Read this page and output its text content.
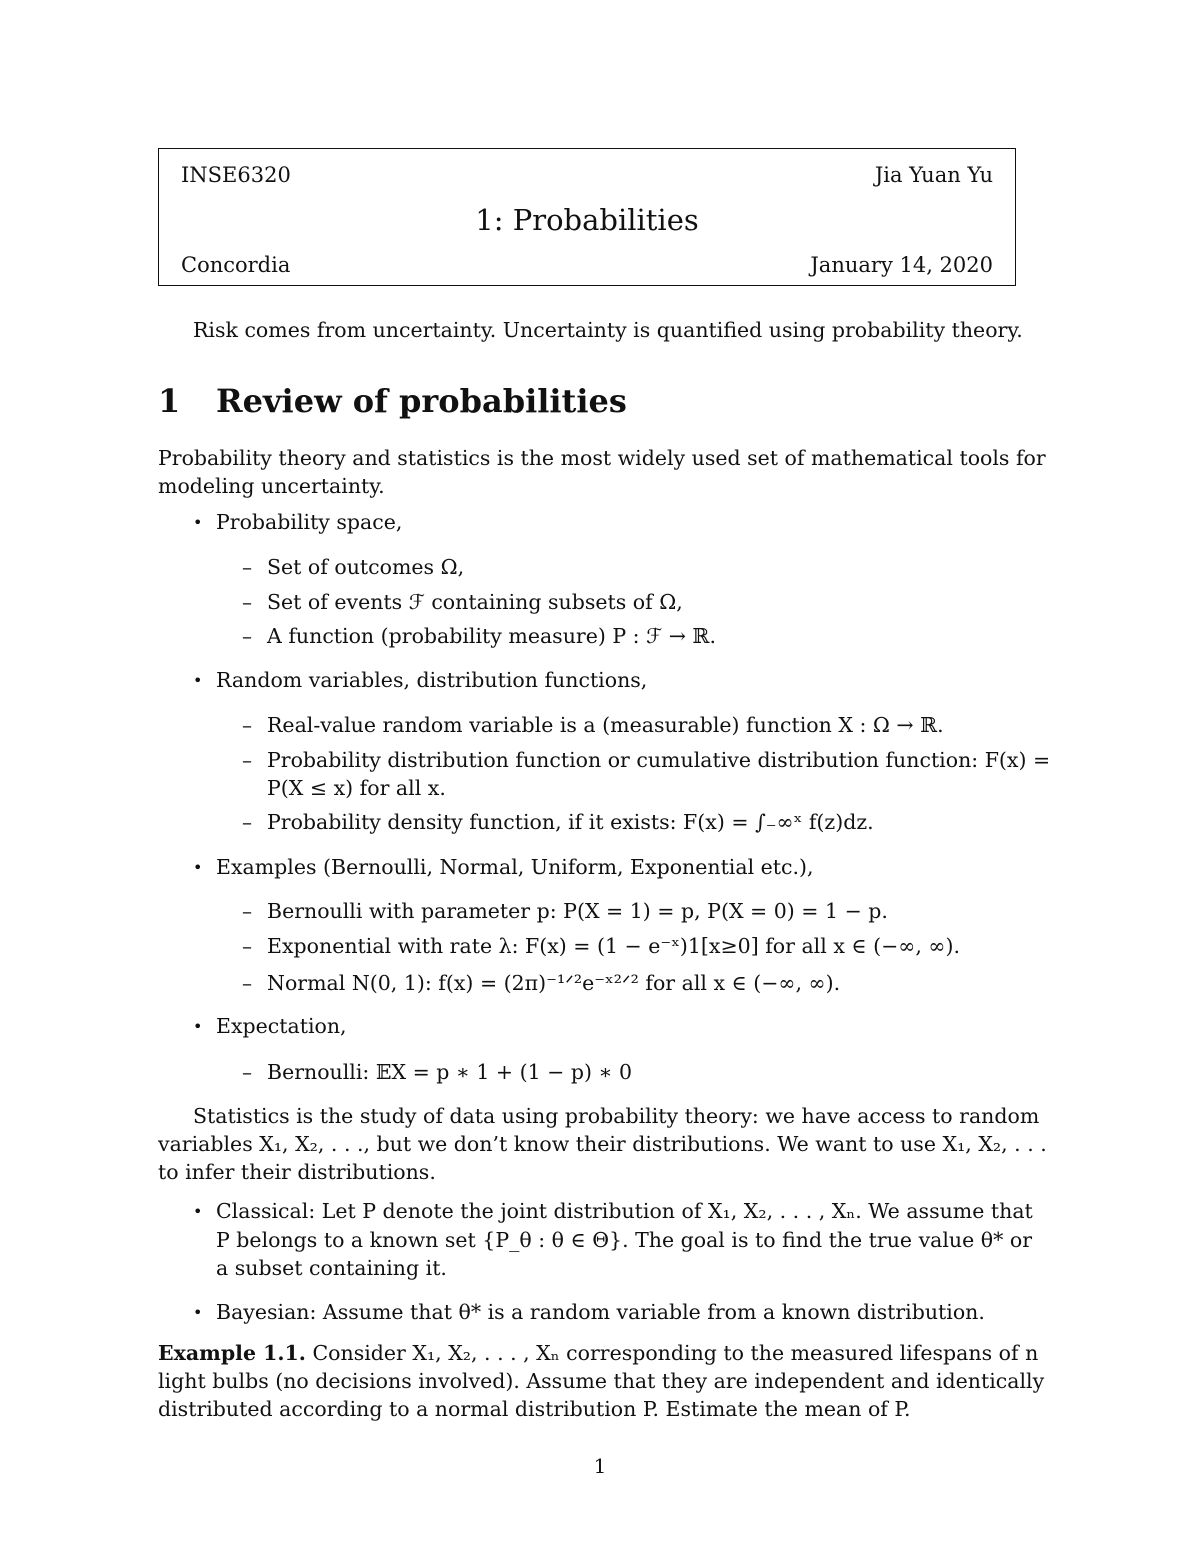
INSE6320	Jia Yuan Yu
1: Probabilities
Concordia	January 14, 2020
Risk comes from uncertainty. Uncertainty is quantified using probability theory.
1 Review of probabilities
Probability theory and statistics is the most widely used set of mathematical tools for
modeling uncertainty.
• Probability space,
– Set of outcomes Ω,
– Set of events ℱ containing subsets of Ω,
– A function (probability measure) P : ℱ → ℝ.
• Random variables, distribution functions,
– Real-value random variable is a (measurable) function X : Ω → ℝ.
– Probability distribution function or cumulative distribution function: F(x) =
P(X ≤ x) for all x.
– Probability density function, if it exists: F(x) = ∫₋∞ˣ f(z)dz.
• Examples (Bernoulli, Normal, Uniform, Exponential etc.),
– Bernoulli with parameter p: P(X = 1) = p, P(X = 0) = 1 − p.
– Exponential with rate λ: F(x) = (1 − e⁻ˣ)1[x≥0] for all x ∈ (−∞, ∞).
– Normal N(0, 1): f(x) = (2π)⁻¹ᐟ²e⁻ˣ²ᐟ² for all x ∈ (−∞, ∞).
• Expectation,
– Bernoulli: 𝔼X = p ∗ 1 + (1 − p) ∗ 0
Statistics is the study of data using probability theory: we have access to random
variables X₁, X₂, . . ., but we don’t know their distributions. We want to use X₁, X₂, . . .
to infer their distributions.
• Classical: Let P denote the joint distribution of X₁, X₂, . . . , Xₙ. We assume that
P belongs to a known set {P_θ : θ ∈ Θ}. The goal is to find the true value θ* or
a subset containing it.
• Bayesian: Assume that θ* is a random variable from a known distribution.
Example 1.1. Consider X₁, X₂, . . . , Xₙ corresponding to the measured lifespans of n
light bulbs (no decisions involved). Assume that they are independent and identically
distributed according to a normal distribution P. Estimate the mean of P.
1
